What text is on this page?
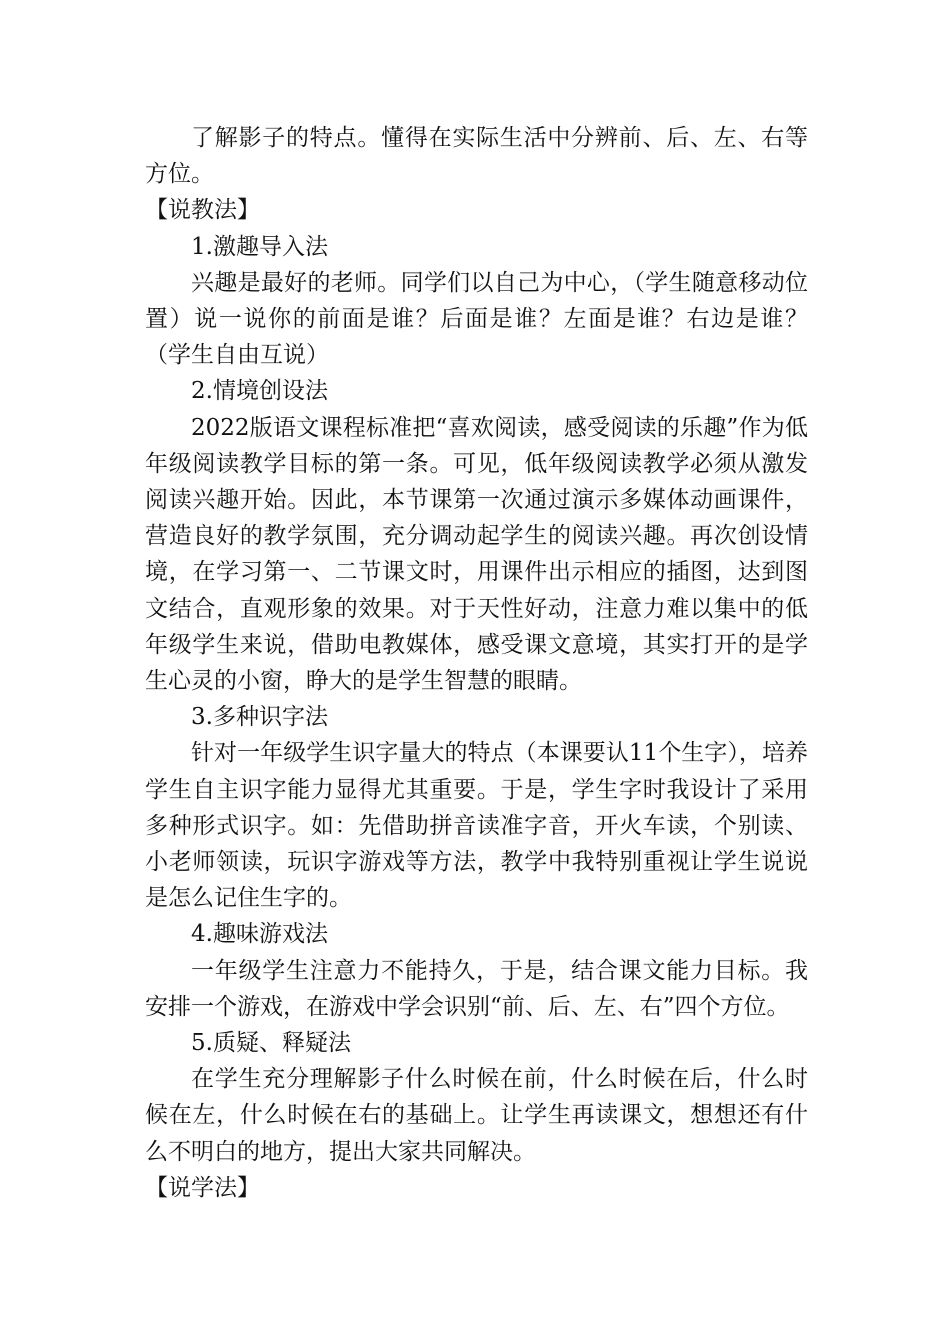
了解影子的特点。懂得在实际生活中分辨前、后、左、右等方位。

【说教法】

1.激趣导入法

兴趣是最好的老师。同学们以自己为中心，（学生随意移动位置）说一说你的前面是谁？后面是谁？左面是谁？右边是谁？（学生自由互说）

2.情境创设法

2022版语文课程标准把“喜欢阅读，感受阅读的乐趣”作为低年级阅读教学目标的第一条。可见，低年级阅读教学必须从激发阅读兴趣开始。因此，本节课第一次通过演示多媒体动画课件，营造良好的教学氛围，充分调动起学生的阅读兴趣。再次创设情境，在学习第一、二节课文时，用课件出示相应的插图，达到图文结合，直观形象的效果。对于天性好动，注意力难以集中的低年级学生来说，借助电教媒体，感受课文意境，其实打开的是学生心灵的小窗，睁大的是学生智慧的眼睛。

3.多种识字法

针对一年级学生识字量大的特点（本课要认11个生字），培养学生自主识字能力显得尤其重要。于是，学生字时我设计了采用多种形式识字。如：先借助拼音读准字音，开火车读，个别读、小老师领读，玩识字游戏等方法，教学中我特别重视让学生说说是怎么记住生字的。

4.趣味游戏法

一年级学生注意力不能持久，于是，结合课文能力目标。我安排一个游戏，在游戏中学会识别“前、后、左、右”四个方位。

5.质疑、释疑法

在学生充分理解影子什么时候在前，什么时候在后，什么时候在左，什么时候在右的基础上。让学生再读课文，想想还有什么不明白的地方，提出大家共同解决。

【说学法】
